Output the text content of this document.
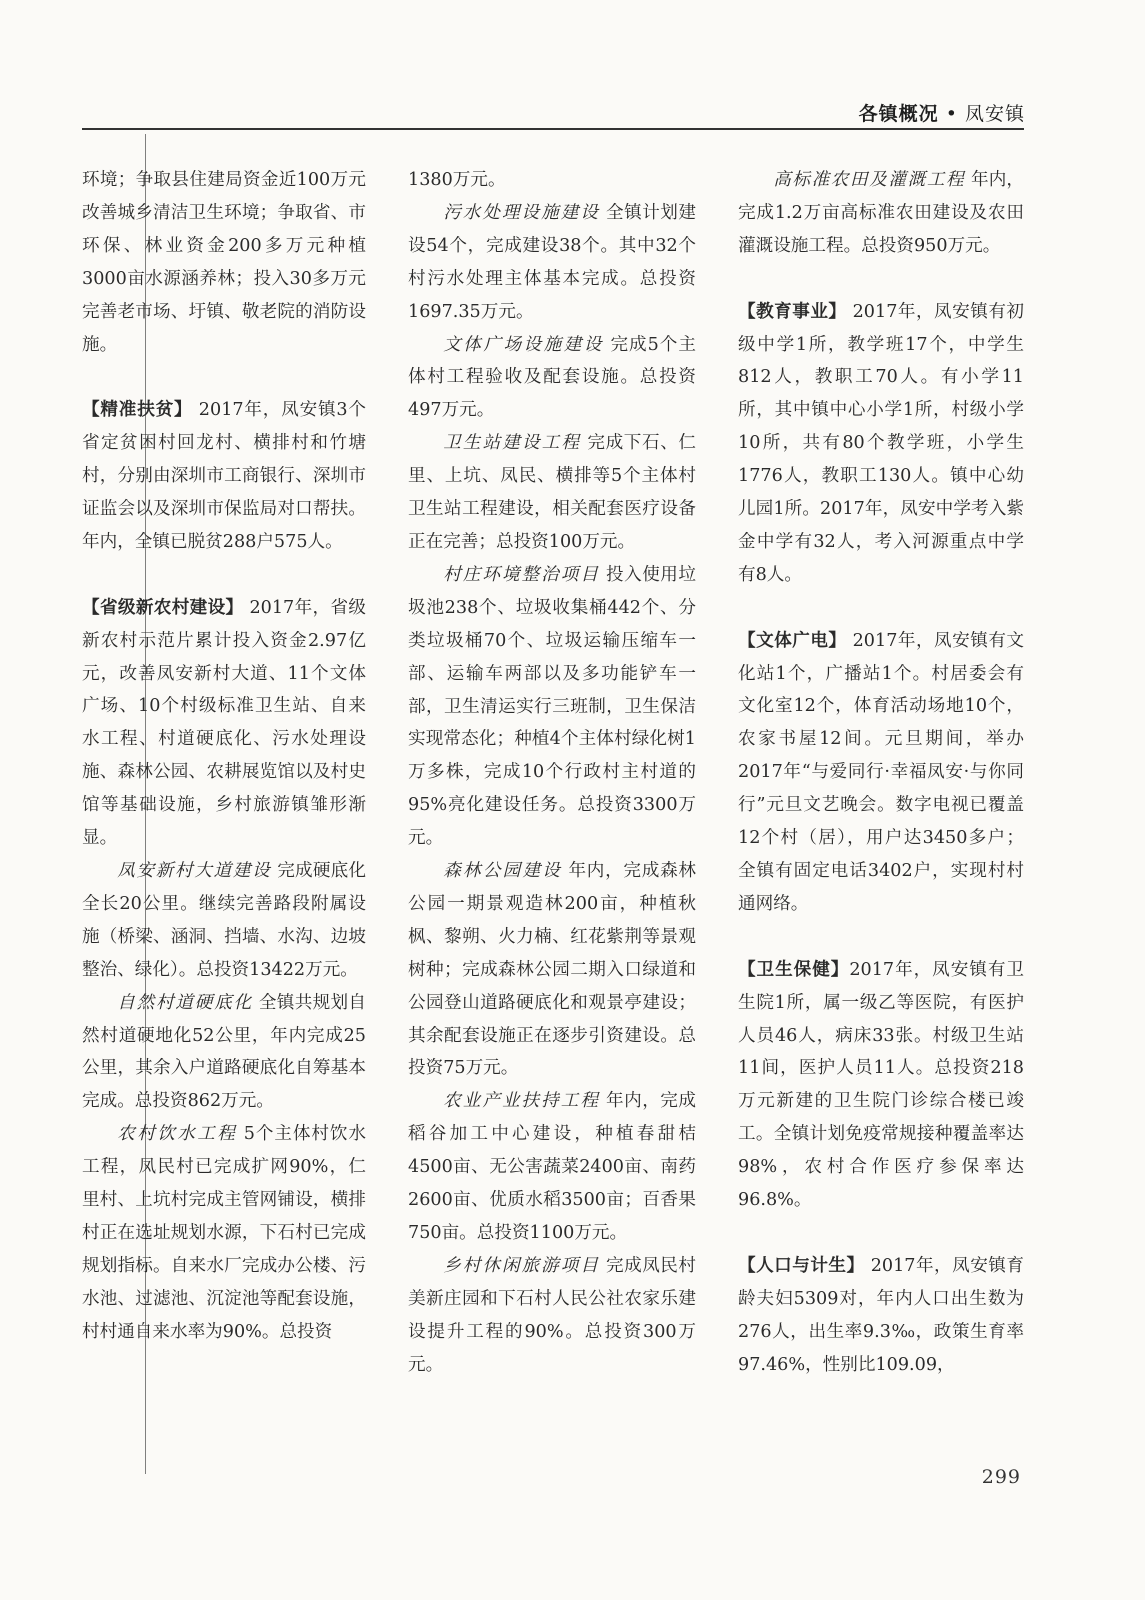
各镇概况 • 凤安镇

环境；争取县住建局资金近100万元改善城乡清洁卫生环境；争取省、市环保、林业资金200多万元种植3000亩水源涵养林；投入30多万元完善老市场、圩镇、敬老院的消防设施。

【精准扶贫】 2017年，凤安镇3个省定贫困村回龙村、横排村和竹塘村，分别由深圳市工商银行、深圳市证监会以及深圳市保监局对口帮扶。年内，全镇已脱贫288户575人。

【省级新农村建设】 2017年，省级新农村示范片累计投入资金2.97亿元，改善凤安新村大道、11个文体广场、10个村级标准卫生站、自来水工程、村道硬底化、污水处理设施、森林公园、农耕展览馆以及村史馆等基础设施，乡村旅游镇雏形渐显。

凤安新村大道建设 完成硬底化全长20公里。继续完善路段附属设施（桥梁、涵洞、挡墙、水沟、边坡整治、绿化）。总投资13422万元。

自然村道硬底化 全镇共规划自然村道硬地化52公里，年内完成25公里，其余入户道路硬底化自筹基本完成。总投资862万元。

农村饮水工程 5个主体村饮水工程，凤民村已完成扩网90%，仁里村、上坑村完成主管网铺设，横排村正在选址规划水源，下石村已完成规划指标。自来水厂完成办公楼、污水池、过滤池、沉淀池等配套设施，村村通自来水率为90%。总投资

1380万元。

污水处理设施建设 全镇计划建设54个，完成建设38个。其中32个村污水处理主体基本完成。总投资1697.35万元。

文体广场设施建设 完成5个主体村工程验收及配套设施。总投资497万元。

卫生站建设工程 完成下石、仁里、上坑、凤民、横排等5个主体村卫生站工程建设，相关配套医疗设备正在完善；总投资100万元。

村庄环境整治项目 投入使用垃圾池238个、垃圾收集桶442个、分类垃圾桶70个、垃圾运输压缩车一部、运输车两部以及多功能铲车一部，卫生清运实行三班制，卫生保洁实现常态化；种植4个主体村绿化树1万多株，完成10个行政村主村道的95%亮化建设任务。总投资3300万元。

森林公园建设 年内，完成森林公园一期景观造林200亩，种植秋枫、黎朔、火力楠、红花紫荆等景观树种；完成森林公园二期入口绿道和公园登山道路硬底化和观景亭建设；其余配套设施正在逐步引资建设。总投资75万元。

农业产业扶持工程 年内，完成稻谷加工中心建设，种植春甜桔4500亩、无公害蔬菜2400亩、南药2600亩、优质水稻3500亩；百香果750亩。总投资1100万元。

乡村休闲旅游项目 完成凤民村美新庄园和下石村人民公社农家乐建设提升工程的90%。总投资300万元。

高标准农田及灌溉工程 年内，完成1.2万亩高标准农田建设及农田灌溉设施工程。总投资950万元。

【教育事业】 2017年，凤安镇有初级中学1所，教学班17个，中学生812人，教职工70人。有小学11所，其中镇中心小学1所，村级小学10所，共有80个教学班，小学生1776人，教职工130人。镇中心幼儿园1所。2017年，凤安中学考入紫金中学有32人，考入河源重点中学有8人。

【文体广电】 2017年，凤安镇有文化站1个，广播站1个。村居委会有文化室12个，体育活动场地10个，农家书屋12间。元旦期间，举办2017年“与爱同行·幸福凤安·与你同行”元旦文艺晚会。数字电视已覆盖12个村（居），用户达3450多户；全镇有固定电话3402户，实现村村通网络。

【卫生保健】2017年，凤安镇有卫生院1所，属一级乙等医院，有医护人员46人，病床33张。村级卫生站11间，医护人员11人。总投资218万元新建的卫生院门诊综合楼已竣工。全镇计划免疫常规接种覆盖率达98%，农村合作医疗参保率达96.8%。

【人口与计生】 2017年，凤安镇育龄夫妇5309对，年内人口出生数为276人，出生率9.3‰，政策生育率97.46%，性别比109.09，

299
